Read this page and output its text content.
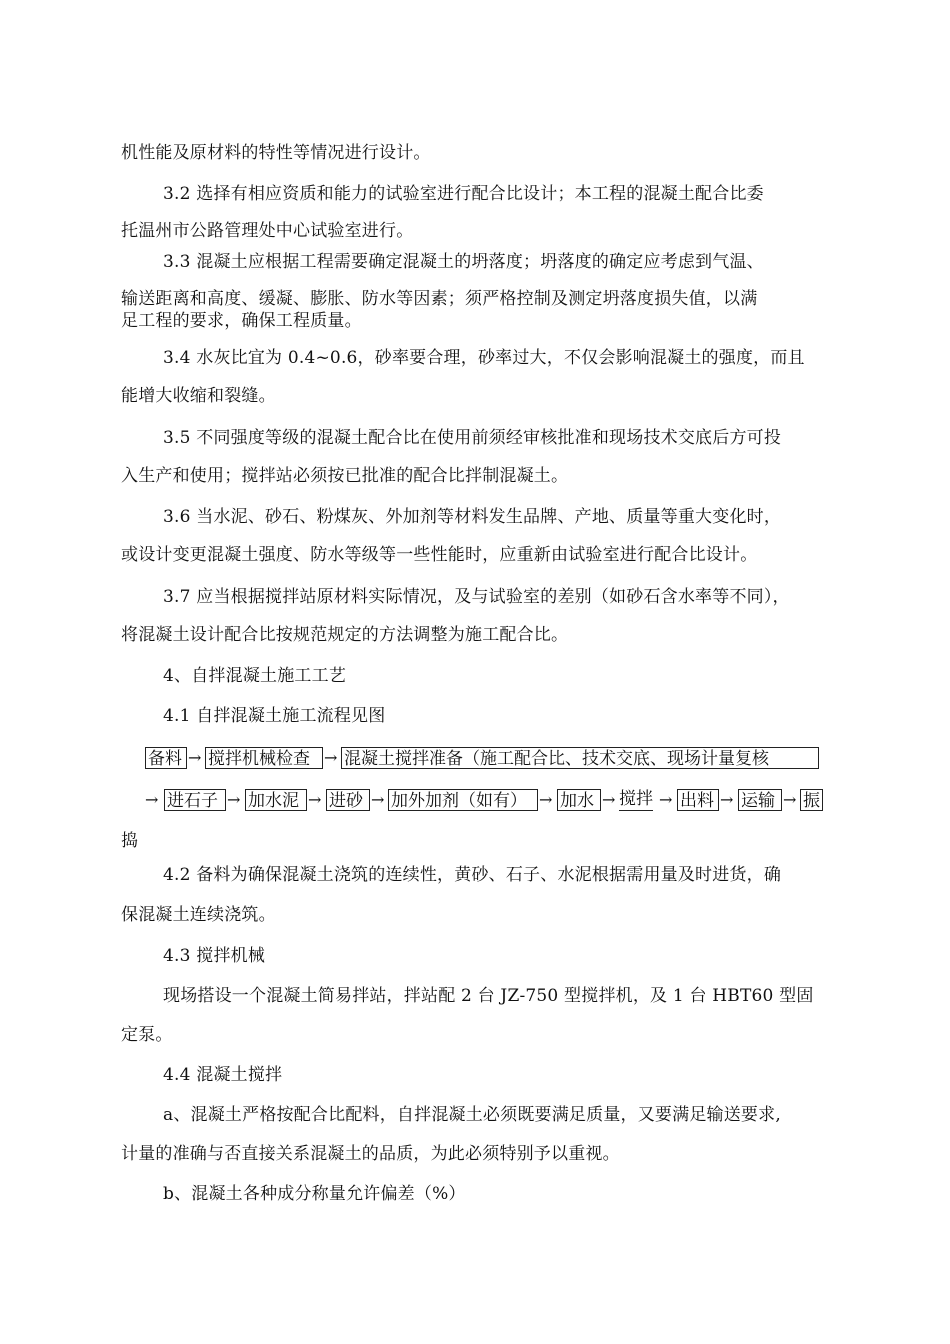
机性能及原材料的特性等情况进行设计。
3.2 选择有相应资质和能力的试验室进行配合比设计；本工程的混凝土配合比委
托温州市公路管理处中心试验室进行。
3.3 混凝土应根据工程需要确定混凝土的坍落度；坍落度的确定应考虑到气温、
输送距离和高度、缓凝、膨胀、防水等因素；须严格控制及测定坍落度损失值，以满
足工程的要求，确保工程质量。
3.4 水灰比宜为 0.4~0.6，砂率要合理，砂率过大，不仅会影响混凝土的强度，而且
能增大收缩和裂缝。
3.5 不同强度等级的混凝土配合比在使用前须经审核批准和现场技术交底后方可投
入生产和使用；搅拌站必须按已批准的配合比拌制混凝土。
3.6 当水泥、砂石、粉煤灰、外加剂等材料发生品牌、产地、质量等重大变化时，
或设计变更混凝土强度、防水等级等一些性能时，应重新由试验室进行配合比设计。
3.7 应当根据搅拌站原材料实际情况，及与试验室的差别（如砂石含水率等不同），
将混凝土设计配合比按规范规定的方法调整为施工配合比。
4、自拌混凝土施工工艺
4.1 自拌混凝土施工流程见图
备料 → 搅拌机械检查 → 混凝土搅拌准备（施工配合比、技术交底、现场计量复核
→ 进石子 → 加水泥 → 进砂 → 加外加剂（如有） → 加水 → 搅拌 → 出料 → 运输 → 振
捣
4.2 备料为确保混凝土浇筑的连续性，黄砂、石子、水泥根据需用量及时进货，确
保混凝土连续浇筑。
4.3 搅拌机械
现场搭设一个混凝土简易拌站，拌站配 2 台 JZ-750 型搅拌机，及 1 台 HBT60 型固
定泵。
4.4 混凝土搅拌
a、混凝土严格按配合比配料，自拌混凝土必须既要满足质量，又要满足输送要求,
计量的准确与否直接关系混凝土的品质，为此必须特别予以重视。
b、混凝土各种成分称量允许偏差（%）
